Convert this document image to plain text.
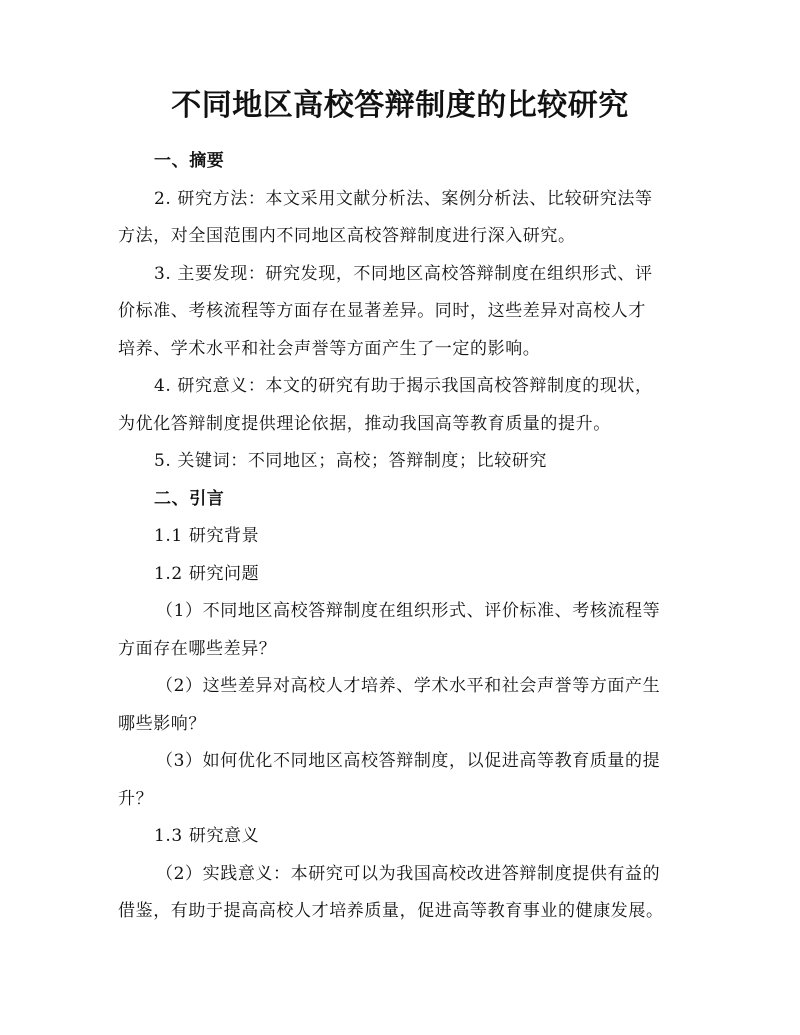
不同地区高校答辩制度的比较研究
一、摘要
2. 研究方法：本文采用文献分析法、案例分析法、比较研究法等
方法，对全国范围内不同地区高校答辩制度进行深入研究。
3. 主要发现：研究发现，不同地区高校答辩制度在组织形式、评
价标准、考核流程等方面存在显著差异。同时，这些差异对高校人才
培养、学术水平和社会声誉等方面产生了一定的影响。
4. 研究意义：本文的研究有助于揭示我国高校答辩制度的现状，
为优化答辩制度提供理论依据，推动我国高等教育质量的提升。
5. 关键词：不同地区；高校；答辩制度；比较研究
二、引言
1.1 研究背景
1.2 研究问题
（1）不同地区高校答辩制度在组织形式、评价标准、考核流程等
方面存在哪些差异？
（2）这些差异对高校人才培养、学术水平和社会声誉等方面产生
哪些影响？
（3）如何优化不同地区高校答辩制度，以促进高等教育质量的提
升？
1.3 研究意义
（2）实践意义：本研究可以为我国高校改进答辩制度提供有益的
借鉴，有助于提高高校人才培养质量，促进高等教育事业的健康发展。
